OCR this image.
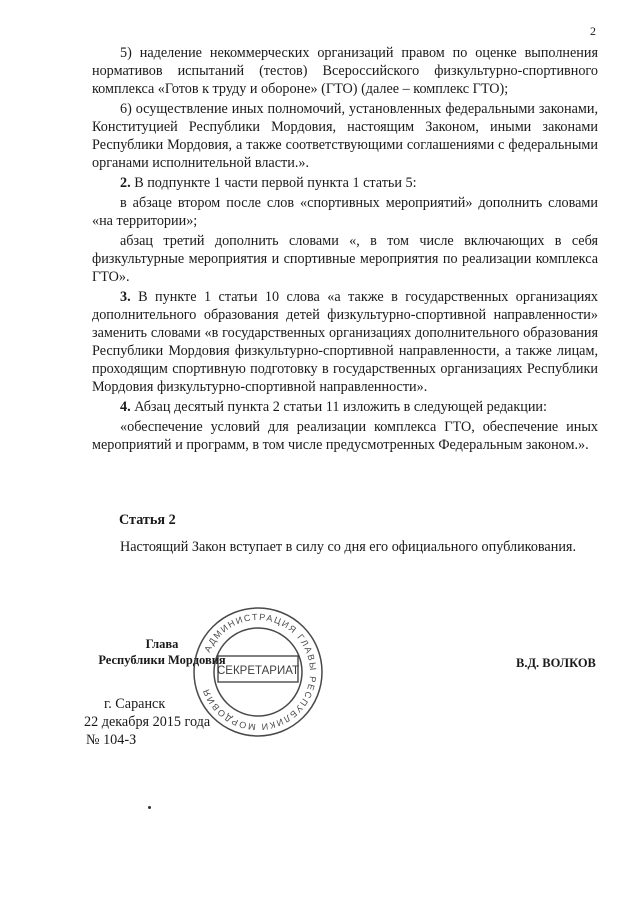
2

5) наделение некоммерческих организаций правом по оценке выполнения нормативов испытаний (тестов) Всероссийского физкультурно-спортивного комплекса «Готов к труду и обороне» (ГТО) (далее – комплекс ГТО);

6) осуществление иных полномочий, установленных федеральными законами, Конституцией Республики Мордовия, настоящим Законом, иными законами Республики Мордовия, а также соответствующими соглашениями с федеральными органами исполнительной власти.».

2. В подпункте 1 части первой пункта 1 статьи 5:

в абзаце втором после слов «спортивных мероприятий» дополнить словами «на территории»;

абзац третий дополнить словами «, в том числе включающих в себя физкультурные мероприятия и спортивные мероприятия по реализации комплекса ГТО».

3. В пункте 1 статьи 10 слова «а также в государственных организациях дополнительного образования детей физкультурно-спортивной направленности» заменить словами «в государственных организациях дополнительного образования Республики Мордовия физкультурно-спортивной направленности, а также лицам, проходящим спортивную подготовку в государственных организациях Республики Мордовия физкультурно-спортивной направленности».

4. Абзац десятый пункта 2 статьи 11 изложить в следующей редакции:

«обеспечение условий для реализации комплекса ГТО, обеспечение иных мероприятий и программ, в том числе предусмотренных Федеральным законом.».

Статья 2

Настоящий Закон вступает в силу со дня его официального опубликования.

Глава
Республики Мордовия	В.Д. ВОЛКОВ
АДМИНИСТРАЦИЯ ГЛАВЫ РЕСПУБЛИКИ МОРДОВИЯ
СЕКРЕТАРИАТ
г. Саранск
22 декабря 2015 года
№ 104-З
